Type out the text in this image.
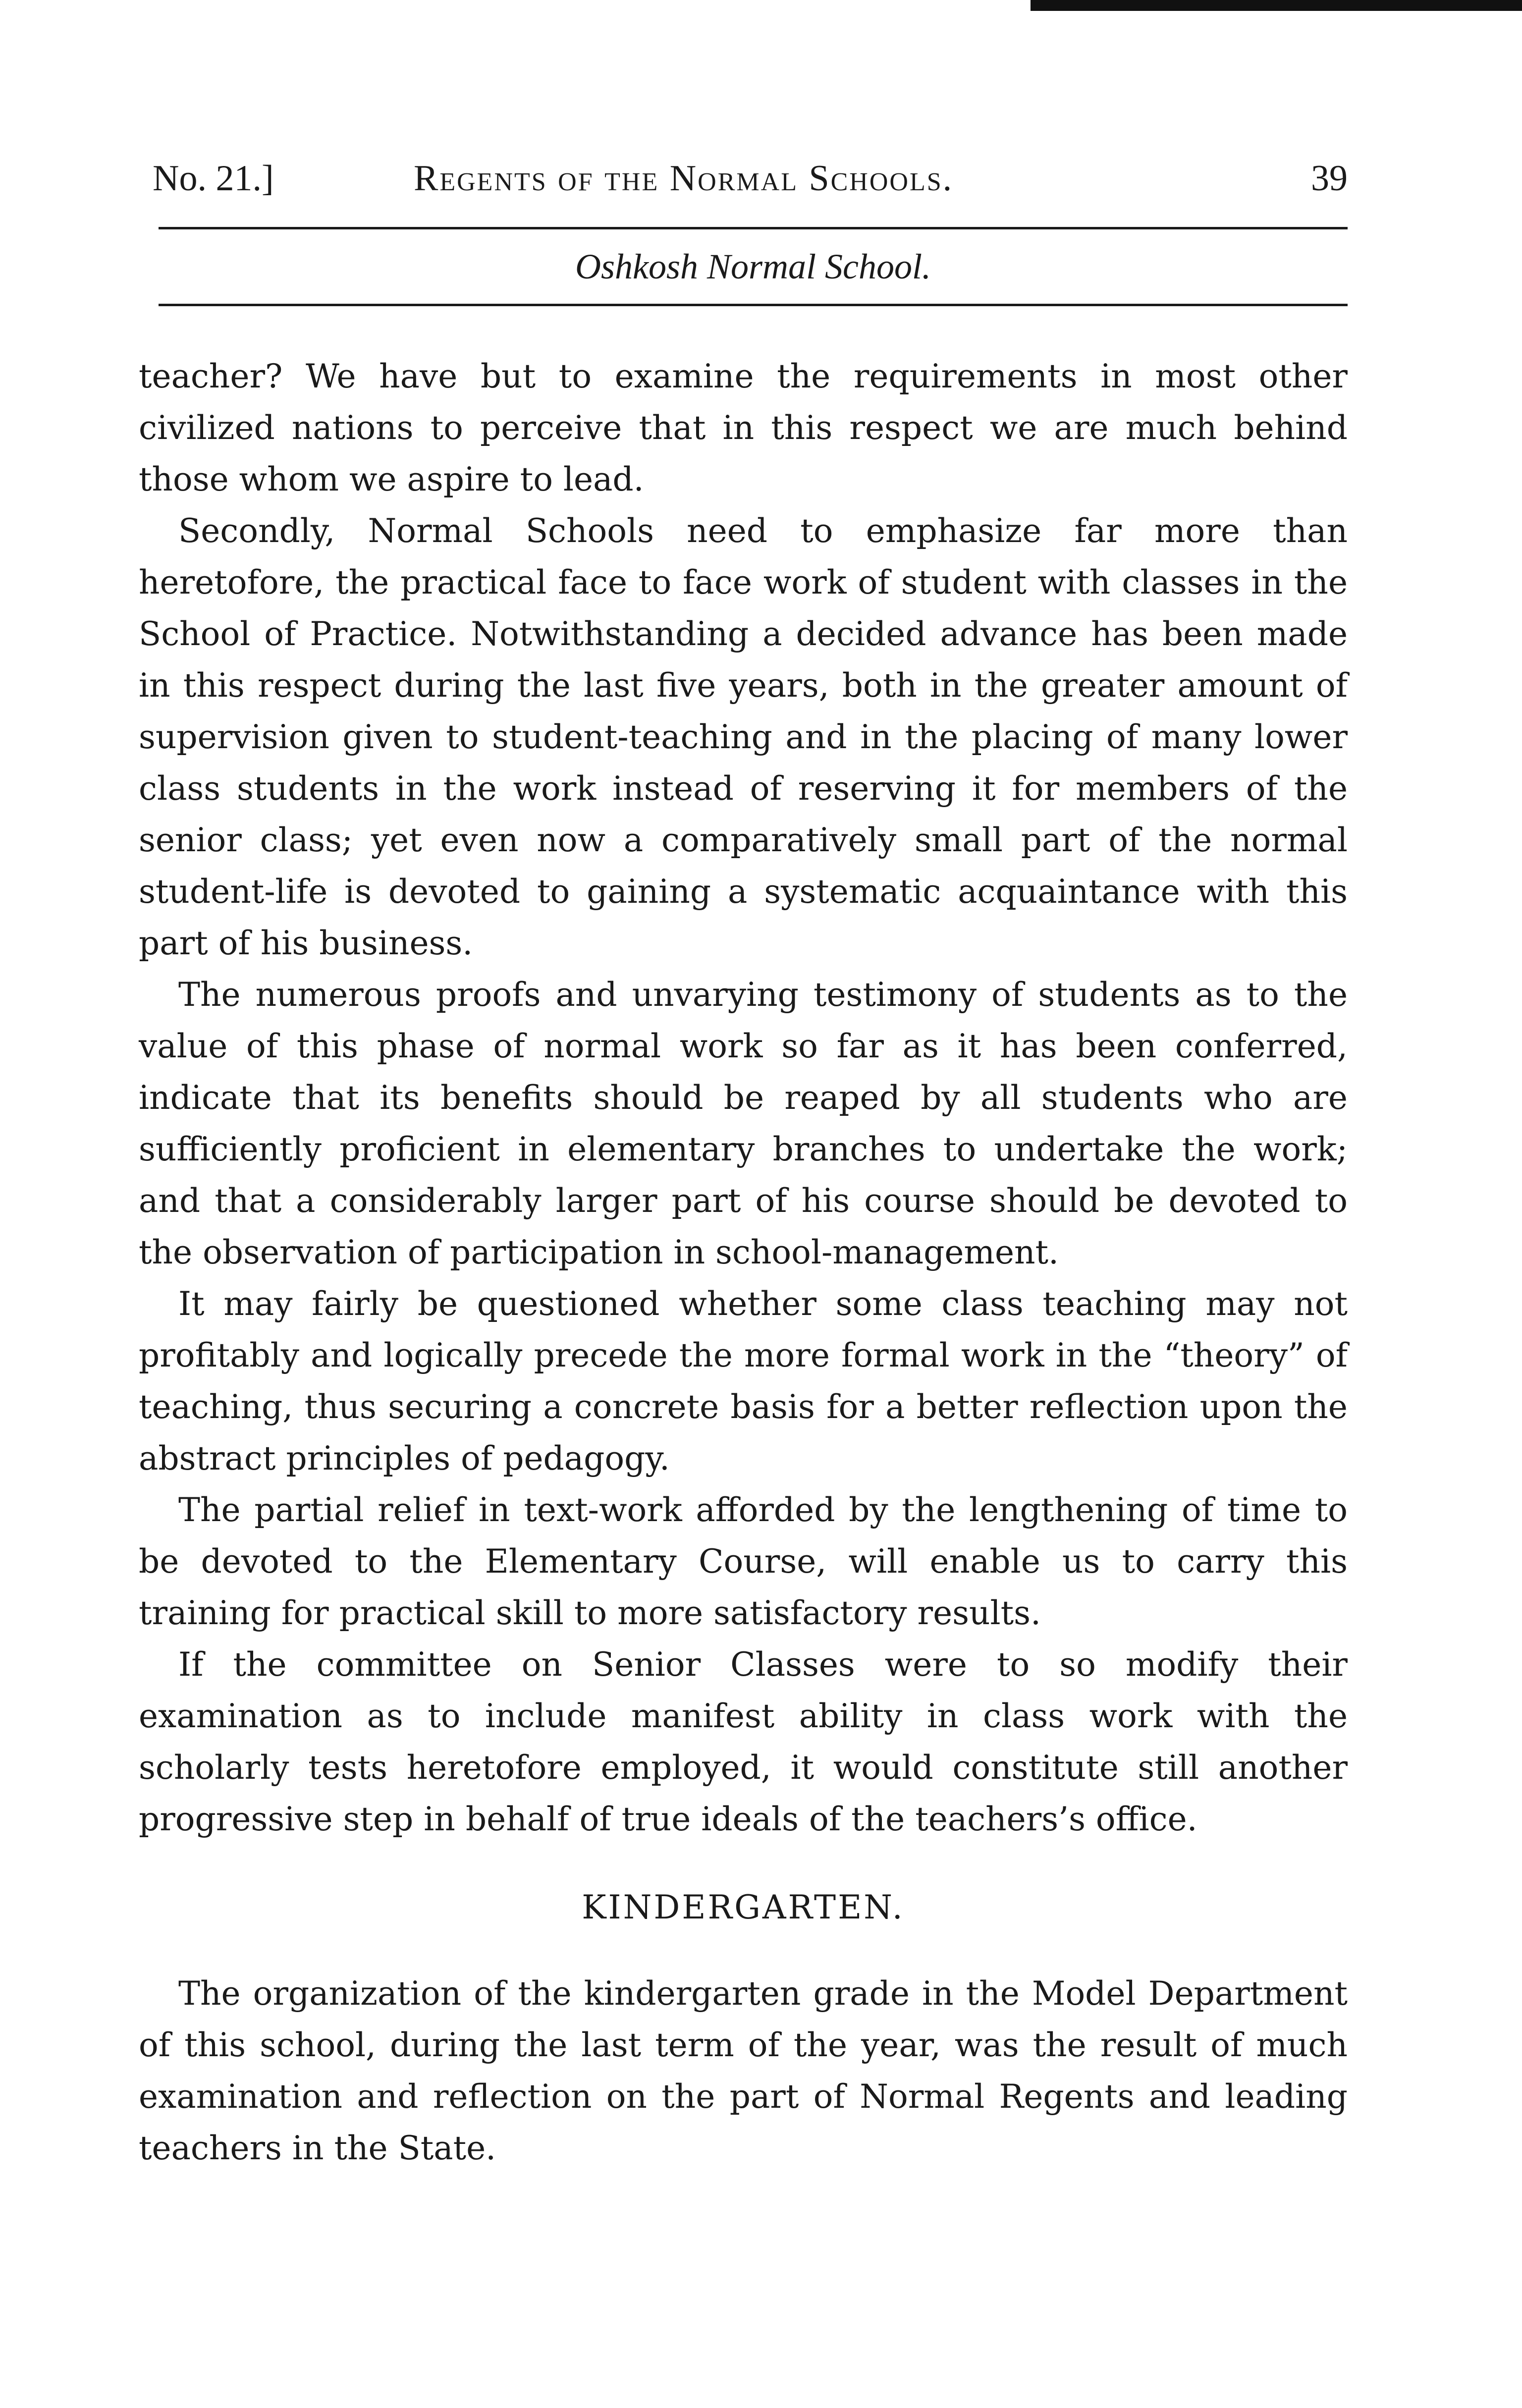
No. 21.]	Regents of the Normal Schools.	39
Oshkosh Normal School.

teacher? We have but to examine the requirements in most other civilized nations to perceive that in this respect we are much behind those whom we aspire to lead.

Secondly, Normal Schools need to emphasize far more than heretofore, the practical face to face work of student with classes in the School of Practice. Notwithstanding a decided advance has been made in this respect during the last five years, both in the greater amount of supervision given to student-teaching and in the placing of many lower class students in the work instead of reserving it for members of the senior class; yet even now a comparatively small part of the normal student-life is devoted to gaining a systematic acquaintance with this part of his business.

The numerous proofs and unvarying testimony of students as to the value of this phase of normal work so far as it has been conferred, indicate that its benefits should be reaped by all students who are sufficiently proficient in elementary branches to undertake the work; and that a considerably larger part of his course should be devoted to the observation of participation in school-management.

It may fairly be questioned whether some class teaching may not profitably and logically precede the more formal work in the “theory” of teaching, thus securing a concrete basis for a better reflection upon the abstract principles of pedagogy.

The partial relief in text-work afforded by the lengthening of time to be devoted to the Elementary Course, will enable us to carry this training for practical skill to more satisfactory results.

If the committee on Senior Classes were to so modify their examination as to include manifest ability in class work with the scholarly tests heretofore employed, it would constitute still another progressive step in behalf of true ideals of the teachers’s office.

KINDERGARTEN.

The organization of the kindergarten grade in the Model Department of this school, during the last term of the year, was the result of much examination and reflection on the part of Normal Regents and leading teachers in the State.
